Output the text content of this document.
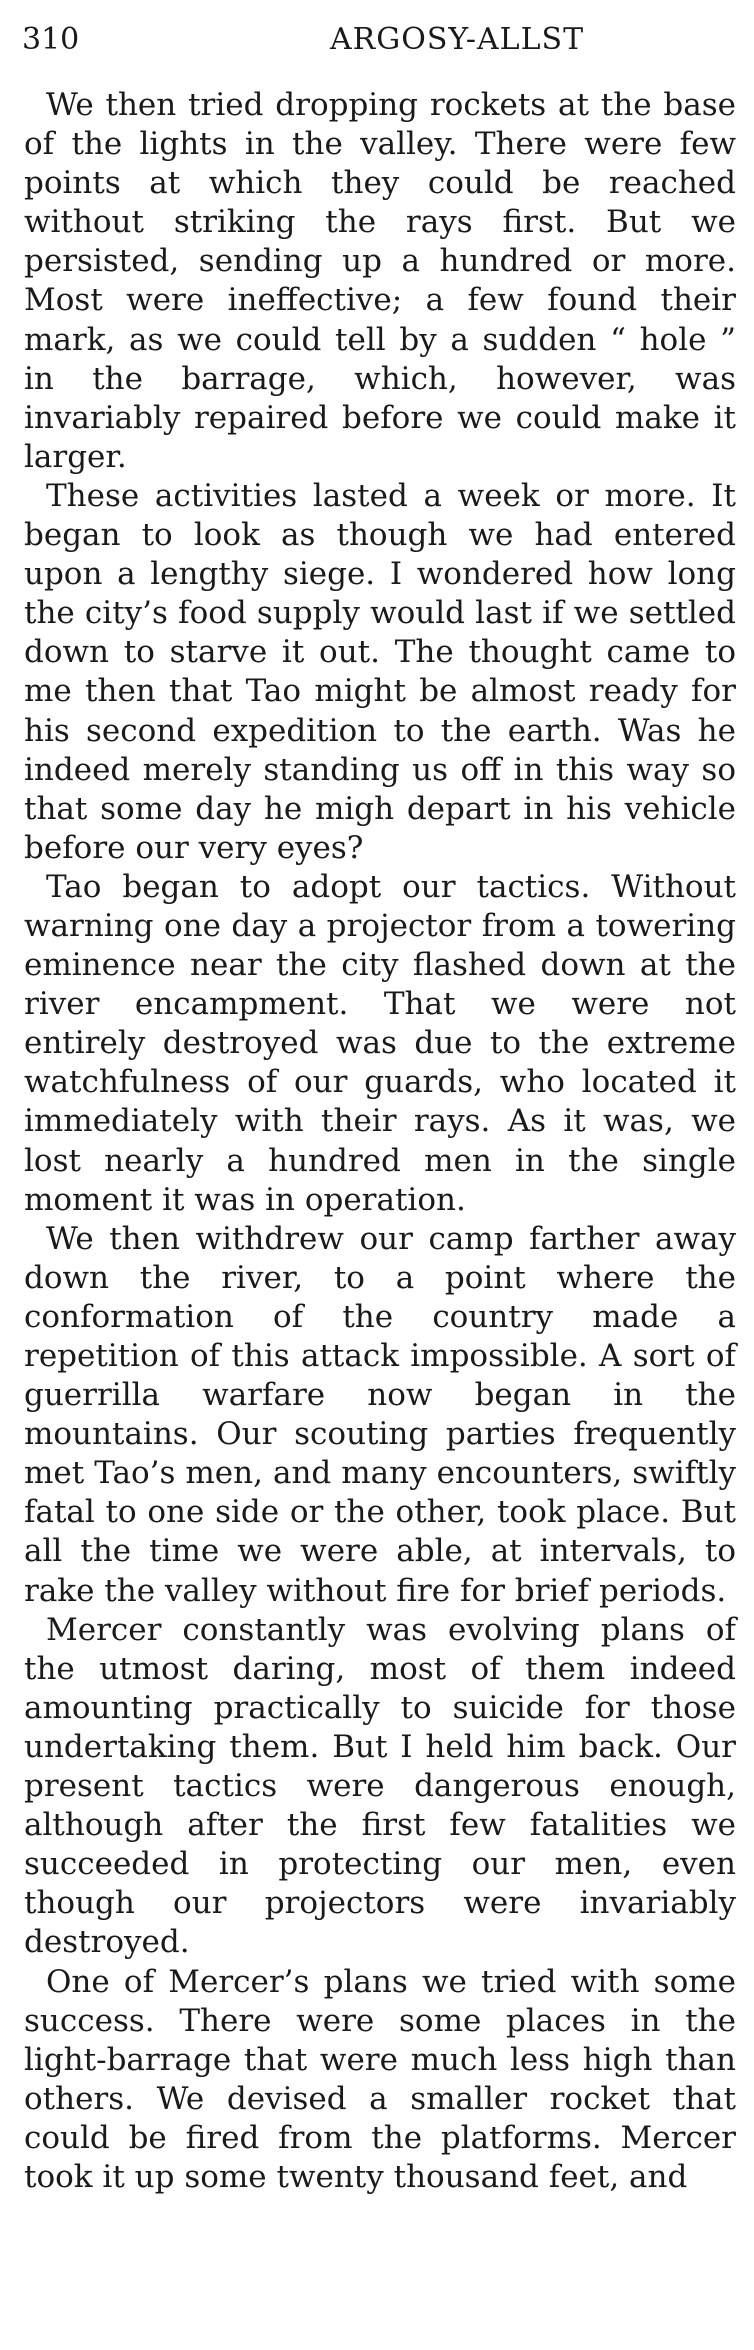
310	ARGOSY-ALLST

We then tried dropping rockets at the base of the lights in the valley. There were few points at which they could be reached without striking the rays first. But we persisted, sending up a hundred or more. Most were ineffective; a few found their mark, as we could tell by a sudden “ hole ” in the barrage, which, however, was invariably repaired before we could make it larger.

These activities lasted a week or more. It began to look as though we had entered upon a lengthy siege. I wondered how long the city’s food supply would last if we settled down to starve it out. The thought came to me then that Tao might be almost ready for his second expedition to the earth. Was he indeed merely standing us off in this way so that some day he migh depart in his vehicle before our very eyes?

Tao began to adopt our tactics. Without warning one day a projector from a towering eminence near the city flashed down at the river encampment. That we were not entirely destroyed was due to the extreme watchfulness of our guards, who located it immediately with their rays. As it was, we lost nearly a hundred men in the single moment it was in operation.

We then withdrew our camp farther away down the river, to a point where the conformation of the country made a repetition of this attack impossible. A sort of guerrilla warfare now began in the mountains. Our scouting parties frequently met Tao’s men, and many encounters, swiftly fatal to one side or the other, took place. But all the time we were able, at intervals, to rake the valley without fire for brief periods.

Mercer constantly was evolving plans of the utmost daring, most of them indeed amounting practically to suicide for those undertaking them. But I held him back. Our present tactics were dangerous enough, although after the first few fatalities we succeeded in protecting our men, even though our projectors were invariably destroyed.

One of Mercer’s plans we tried with some success. There were some places in the light-barrage that were much less high than others. We devised a smaller rocket that could be fired from the platforms. Mercer took it up some twenty thousand feet, and
